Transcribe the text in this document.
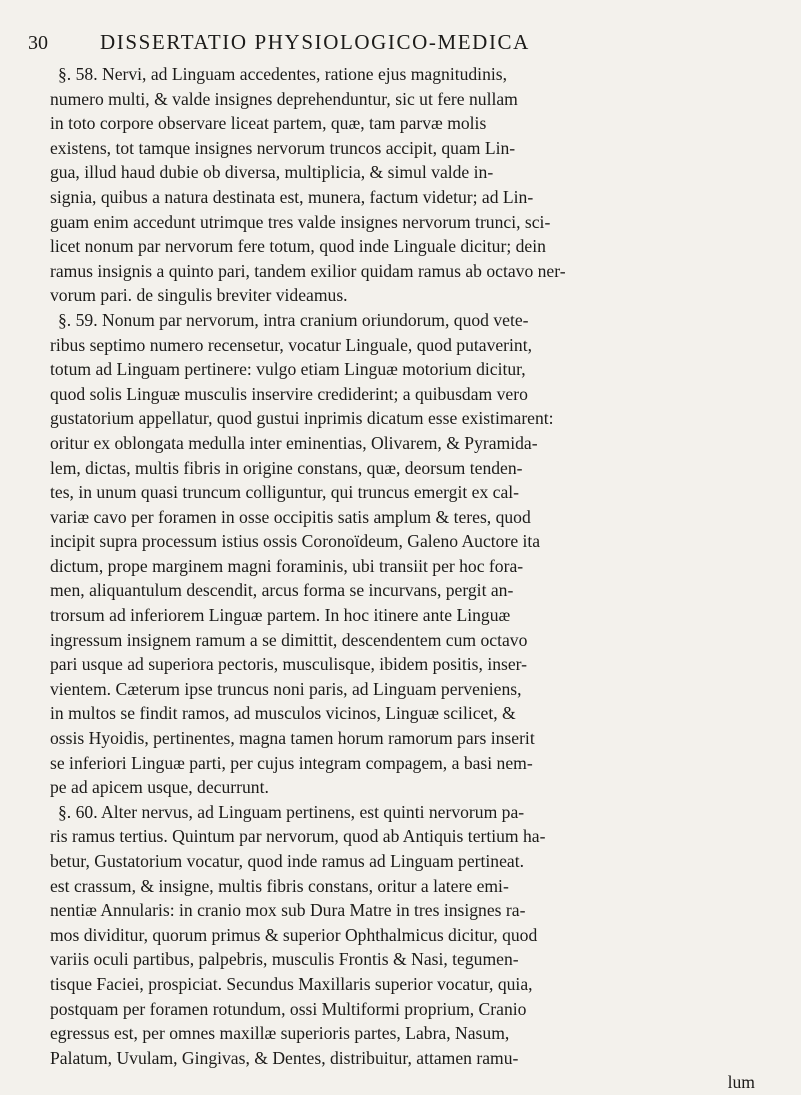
30 DISSERTATIO PHYSIOLOGICO-MEDICA
§. 58. Nervi, ad Linguam accedentes, ratione ejus magnitudinis,
numero multi, & valde insignes deprehenduntur, sic ut fere nullam
in toto corpore observare liceat partem, quæ, tam parvæ molis
existens, tot tamque insignes nervorum truncos accipit, quam Lin-
gua, illud haud dubie ob diversa, multiplicia, & simul valde in-
signia, quibus a natura destinata est, munera, factum videtur; ad Lin-
guam enim accedunt utrimque tres valde insignes nervorum trunci, sci-
licet nonum par nervorum fere totum, quod inde Linguale dicitur; dein
ramus insignis a quinto pari, tandem exilior quidam ramus ab octavo ner-
vorum pari. de singulis breviter videamus.
§. 59. Nonum par nervorum, intra cranium oriundorum, quod vete-
ribus septimo numero recensetur, vocatur Linguale, quod putaverint,
totum ad Linguam pertinere: vulgo etiam Linguæ motorium dicitur,
quod solis Linguæ musculis inservire crediderint; a quibusdam vero
gustatorium appellatur, quod gustui inprimis dicatum esse existimarent:
oritur ex oblongata medulla inter eminentias, Olivarem, & Pyramida-
lem, dictas, multis fibris in origine constans, quæ, deorsum tenden-
tes, in unum quasi truncum colliguntur, qui truncus emergit ex cal-
variæ cavo per foramen in osse occipitis satis amplum & teres, quod
incipit supra processum istius ossis Coronoïdeum, Galeno Auctore ita
dictum, prope marginem magni foraminis, ubi transiit per hoc fora-
men, aliquantulum descendit, arcus forma se incurvans, pergit an-
trorsum ad inferiorem Linguæ partem. In hoc itinere ante Linguæ
ingressum insignem ramum a se dimittit, descendentem cum octavo
pari usque ad superiora pectoris, musculisque, ibidem positis, inser-
vientem. Cæterum ipse truncus noni paris, ad Linguam perveniens,
in multos se findit ramos, ad musculos vicinos, Linguæ scilicet, &
ossis Hyoidis, pertinentes, magna tamen horum ramorum pars inserit
se inferiori Linguæ parti, per cujus integram compagem, a basi nem-
pe ad apicem usque, decurrunt.
§. 60. Alter nervus, ad Linguam pertinens, est quinti nervorum pa-
ris ramus tertius. Quintum par nervorum, quod ab Antiquis tertium ha-
betur, Gustatorium vocatur, quod inde ramus ad Linguam pertineat.
est crassum, & insigne, multis fibris constans, oritur a latere emi-
nentiæ Annularis: in cranio mox sub Dura Matre in tres insignes ra-
mos dividitur, quorum primus & superior Ophthalmicus dicitur, quod
variis oculi partibus, palpebris, musculis Frontis & Nasi, tegumen-
tisque Faciei, prospiciat. Secundus Maxillaris superior vocatur, quia,
postquam per foramen rotundum, ossi Multiformi proprium, Cranio
egressus est, per omnes maxillæ superioris partes, Labra, Nasum,
Palatum, Uvulam, Gingivas, & Dentes, distribuitur, attamen ramu-
lum
